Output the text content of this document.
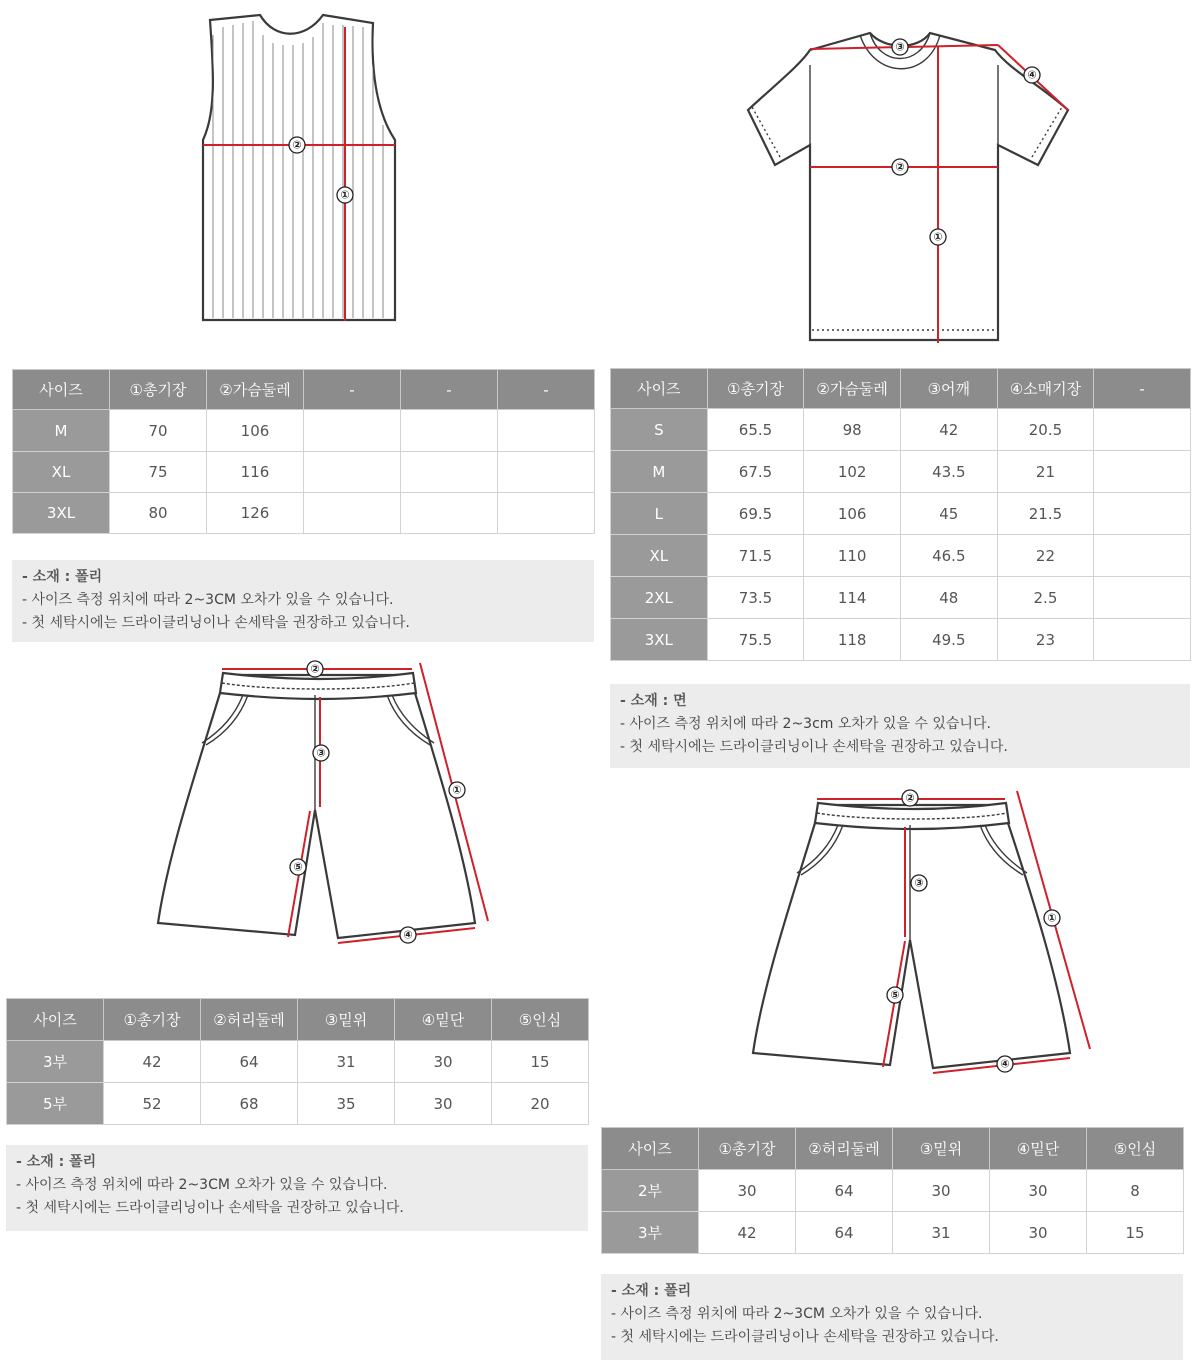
①
②
③
④
②
①
②
①
③
⑤
④
②
①
③
⑤
④
사이즈	①총기장	②가슴둘레	-	-	-
M	70	106			
XL	75	116			
3XL	80	126			
- 소재 : 폴리
- 사이즈 측정 위치에 따라 2~3CM 오차가 있을 수 있습니다.
- 첫 세탁시에는 드라이클리닝이나 손세탁을 권장하고 있습니다.
사이즈	①총기장	②가슴둘레	③어깨	④소매기장	-
S	65.5	98	42	20.5	
M	67.5	102	43.5	21	
L	69.5	106	45	21.5	
XL	71.5	110	46.5	22	
2XL	73.5	114	48	2.5	
3XL	75.5	118	49.5	23	
- 소재 : 면
- 사이즈 측정 위치에 따라 2~3cm 오차가 있을 수 있습니다.
- 첫 세탁시에는 드라이클리닝이나 손세탁을 권장하고 있습니다.
사이즈	①총기장	②허리둘레	③밑위	④밑단	⑤인심
3부	42	64	31	30	15
5부	52	68	35	30	20
- 소재 : 폴리
- 사이즈 측정 위치에 따라 2~3CM 오차가 있을 수 있습니다.
- 첫 세탁시에는 드라이클리닝이나 손세탁을 권장하고 있습니다.
사이즈	①총기장	②허리둘레	③밑위	④밑단	⑤인심
2부	30	64	30	30	8
3부	42	64	31	30	15
- 소재 : 폴리
- 사이즈 측정 위치에 따라 2~3CM 오차가 있을 수 있습니다.
- 첫 세탁시에는 드라이클리닝이나 손세탁을 권장하고 있습니다.
